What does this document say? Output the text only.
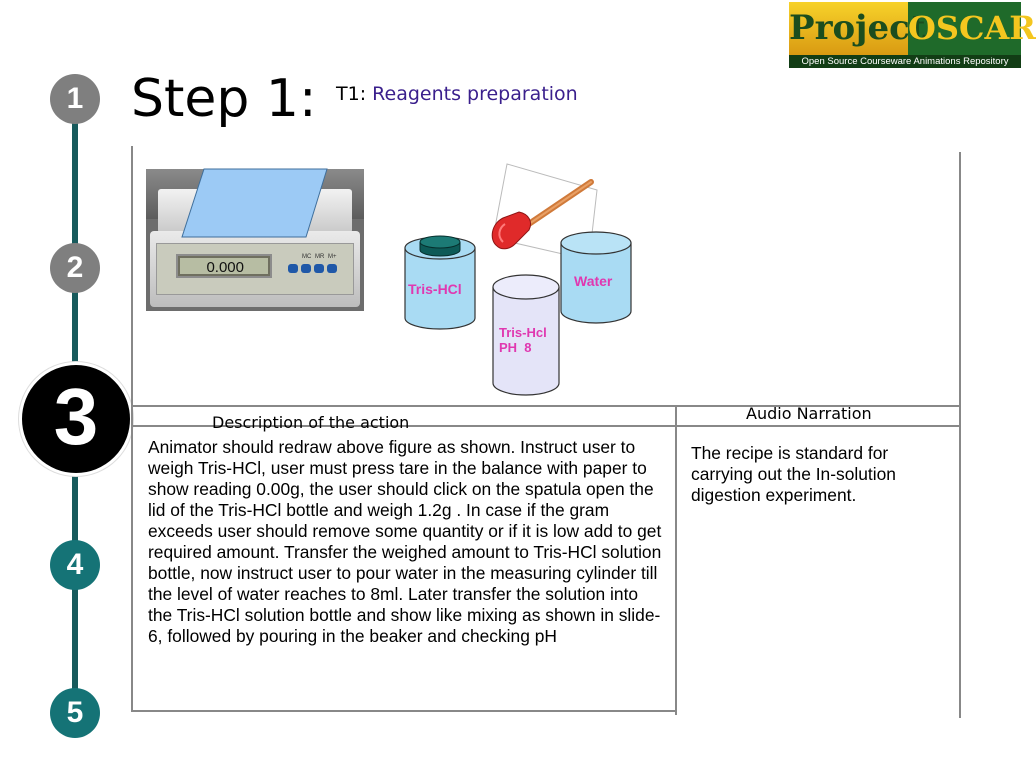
Project
OSCAR
Open Source Courseware Animations Repository
1
2
3
4
5
Step 1: T1: Reagents preparation
Description of the action	Audio Narration
Animator should redraw above figure as shown. Instruct user to weigh Tris-HCl, user must press tare in the balance with paper to show reading 0.00g, the user should click on the spatula open the lid of the Tris-HCl bottle and weigh 1.2g . In case if the gram exceeds user should remove some quantity or if it is low add to get required amount. Transfer the weighed amount to Tris-HCl solution bottle, now instruct user to pour water in the measuring cylinder till the level of water reaches to 8ml. Later transfer the solution into the Tris-HCl solution bottle and show like mixing as shown in slide-6, followed by pouring in the beaker and checking pH
The recipe is standard for carrying out the In-solution digestion experiment.
0.000
MC MR M+
Tris-HCl
Tris-Hcl
PH  8
Water
